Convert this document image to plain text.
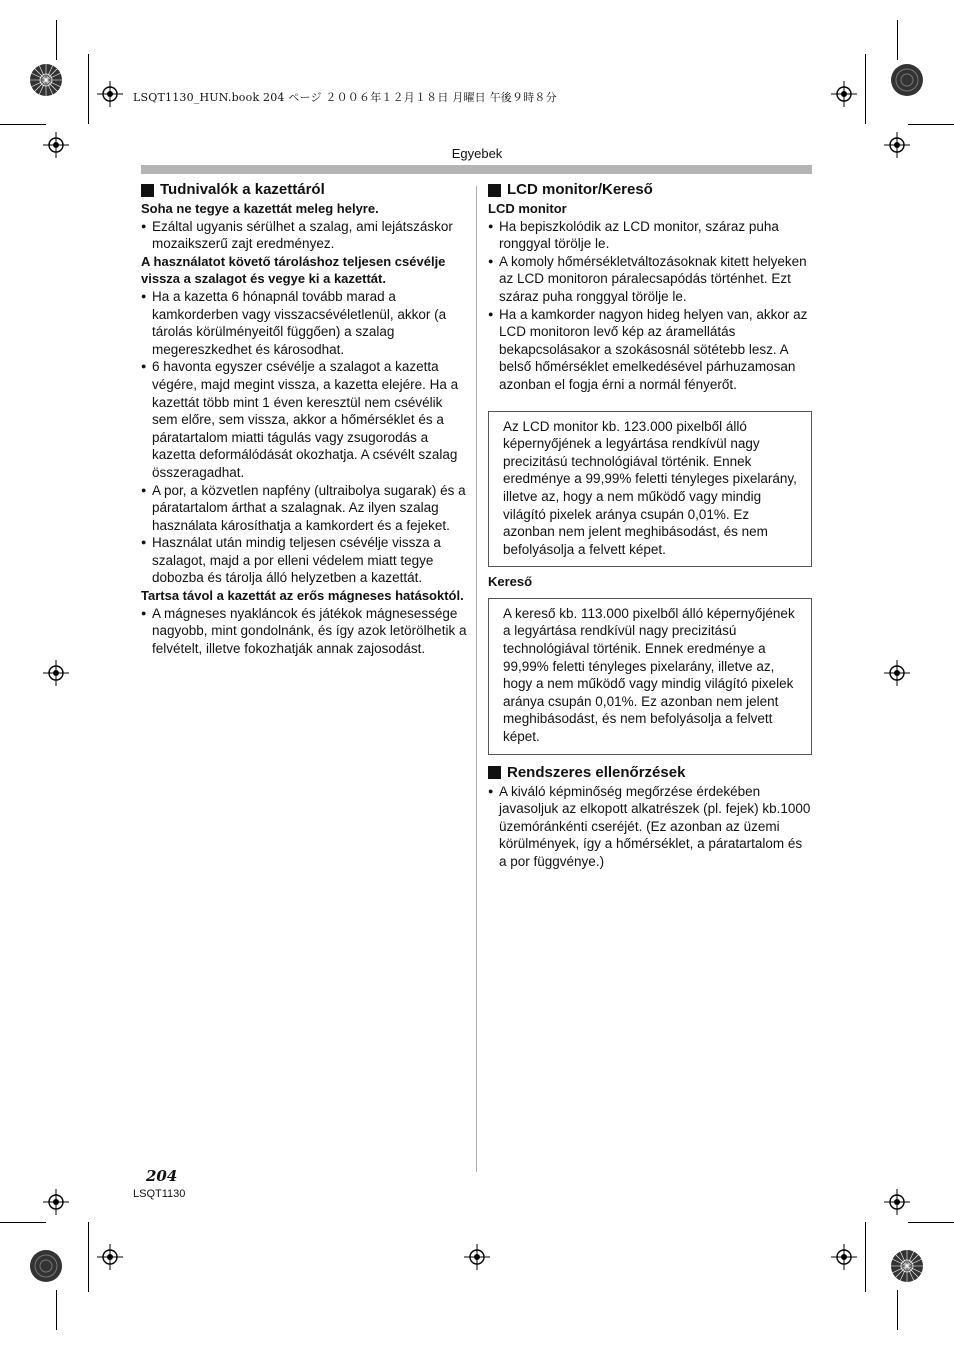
LSQT1130_HUN.book 204 ページ ２００６年１２月１８日 月曜日 午後９時８分
Egyebek
Tudnivalók a kazettáról
Soha ne tegye a kazettát meleg helyre.
● Ezáltal ugyanis sérülhet a szalag, ami lejátszáskor mozaikszerű zajt eredményez.
A használatot követő tároláshoz teljesen csévélje vissza a szalagot és vegye ki a kazettát.
● Ha a kazetta 6 hónapnál tovább marad a kamkorderben vagy visszacsévéletlenül, akkor (a tárolás körülményeitől függően) a szalag megereszkedhet és károsodhat.
● 6 havonta egyszer csévélje a szalagot a kazetta végére, majd megint vissza, a kazetta elejére. Ha a kazettát több mint 1 éven keresztül nem csévélik sem előre, sem vissza, akkor a hőmérséklet és a páratartalom miatti tágulás vagy zsugorodás a kazetta deformálódását okozhatja. A csévélt szalag összeragadhat.
● A por, a közvetlen napfény (ultraibolya sugarak) és a páratartalom árthat a szalagnak. Az ilyen szalag használata károsíthatja a kamkordert és a fejeket.
● Használat után mindig teljesen csévélje vissza a szalagot, majd a por elleni védelem miatt tegye dobozba és tárolja álló helyzetben a kazettát.
Tartsa távol a kazettát az erős mágneses hatásoktól.
● A mágneses nyakláncok és játékok mágnesessége nagyobb, mint gondolnánk, és így azok letörölhetik a felvételt, illetve fokozhatják annak zajosodást.
LCD monitor/Kereső
LCD monitor
● Ha bepiszkolódik az LCD monitor, száraz puha ronggyal törölje le.
● A komoly hőmérsékletváltozásoknak kitett helyeken az LCD monitoron páralecsapódás történhet. Ezt száraz puha ronggyal törölje le.
● Ha a kamkorder nagyon hideg helyen van, akkor az LCD monitoron levő kép az áramellátás bekapcsolásakor a szokásosnál sötétebb lesz. A belső hőmérséklet emelkedésével párhuzamosan azonban el fogja érni a normál fényerőt.
Az LCD monitor kb. 123.000 pixelből álló képernyőjének a legyártása rendkívül nagy precizitású technológiával történik. Ennek eredménye a 99,99% feletti tényleges pixelarány, illetve az, hogy a nem működő vagy mindig világító pixelek aránya csupán 0,01%. Ez azonban nem jelent meghibásodást, és nem befolyásolja a felvett képet.
Kereső
A kereső kb. 113.000 pixelből álló képernyőjének a legyártása rendkívül nagy precizitású technológiával történik. Ennek eredménye a 99,99% feletti tényleges pixelarány, illetve az, hogy a nem működő vagy mindig világító pixelek aránya csupán 0,01%. Ez azonban nem jelent meghibásodást, és nem befolyásolja a felvett képet.
Rendszeres ellenőrzések
● A kiváló képminőség megőrzése érdekében javasoljuk az elkopott alkatrészek (pl. fejek) kb.1000 üzemóránkénti cseréjét. (Ez azonban az üzemi körülmények, így a hőmérséklet, a páratartalom és a por függvénye.)
204
LSQT1130
